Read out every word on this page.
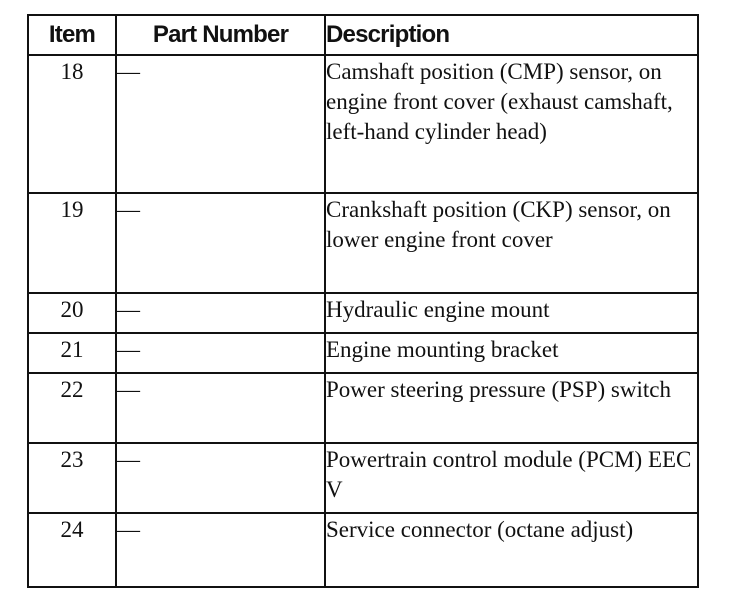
Item	Part Number	Description
18	—	Camshaft position (CMP) sensor, on engine front cover (exhaust camshaft, left-hand cylinder head)
19	—	Crankshaft position (CKP) sensor, on lower engine front cover
20	—	Hydraulic engine mount
21	—	Engine mounting bracket
22	—	Power steering pressure (PSP) switch
23	—	Powertrain control module (PCM) EEC V
24	—	Service connector (octane adjust)
